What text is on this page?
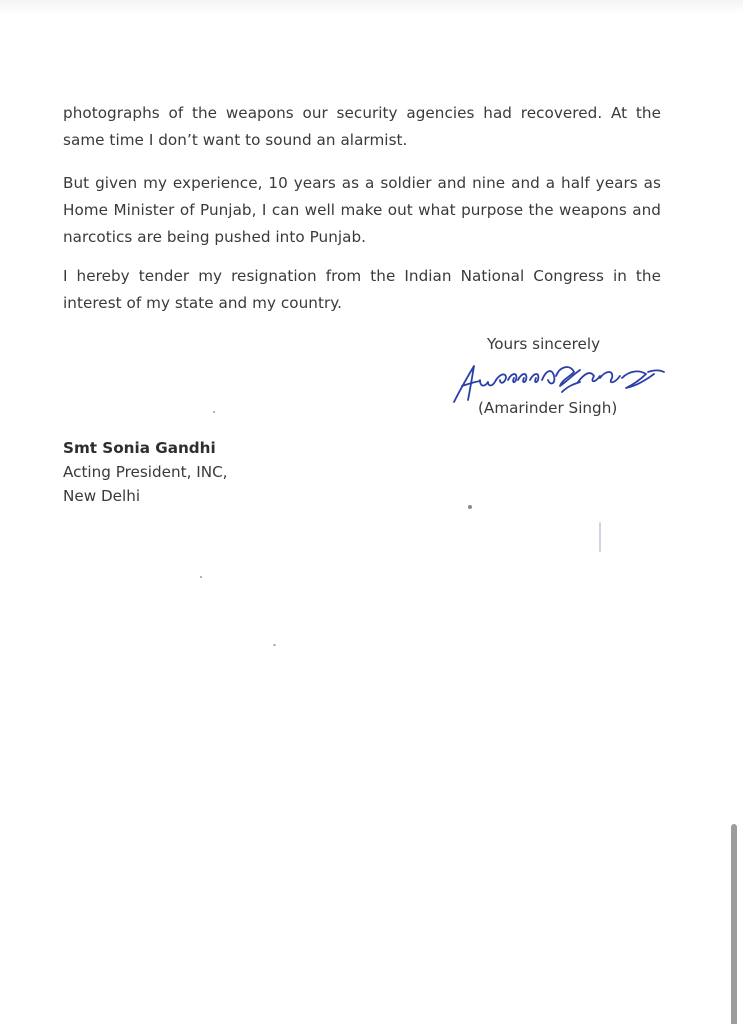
photographs of the weapons our security agencies had recovered. At the same time I don’t want to sound an alarmist.

But given my experience, 10 years as a soldier and nine and a half years as Home Minister of Punjab, I can well make out what purpose the weapons and narcotics are being pushed into Punjab.

I hereby tender my resignation from the Indian National Congress in the interest of my state and my country.

Yours sincerely

(Amarinder Singh)

Smt Sonia Gandhi
Acting President, INC,
New Delhi
